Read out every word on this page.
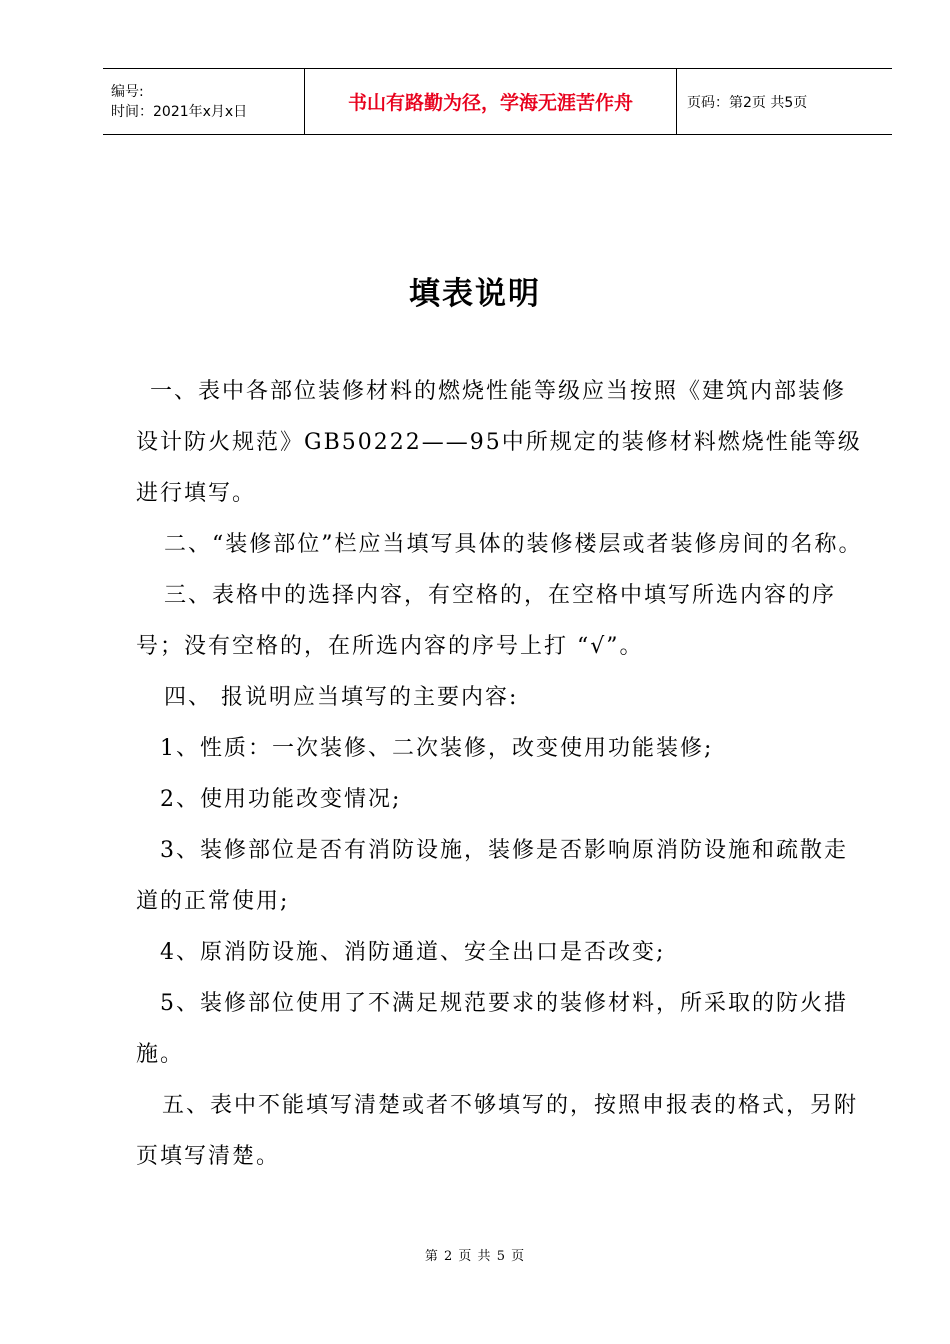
编号:
时间：2021年x月x日	书山有路勤为径，学海无涯苦作舟	页码：第2页 共5页
填表说明

一、表中各部位装修材料的燃烧性能等级应当按照《建筑内部装修设计防火规范》GB50222——95中所规定的装修材料燃烧性能等级进行填写。

二、“装修部位”栏应当填写具体的装修楼层或者装修房间的名称。

三、表格中的选择内容，有空格的，在空格中填写所选内容的序号；没有空格的，在所选内容的序号上打 “√”。

四、 报说明应当填写的主要内容:

1、性质：一次装修、二次装修，改变使用功能装修;

2、使用功能改变情况;

3、装修部位是否有消防设施，装修是否影响原消防设施和疏散走道的正常使用;

4、原消防设施、消防通道、安全出口是否改变;

5、装修部位使用了不满足规范要求的装修材料，所采取的防火措施。

五、表中不能填写清楚或者不够填写的，按照申报表的格式，另附页填写清楚。

第 2 页 共 5 页
